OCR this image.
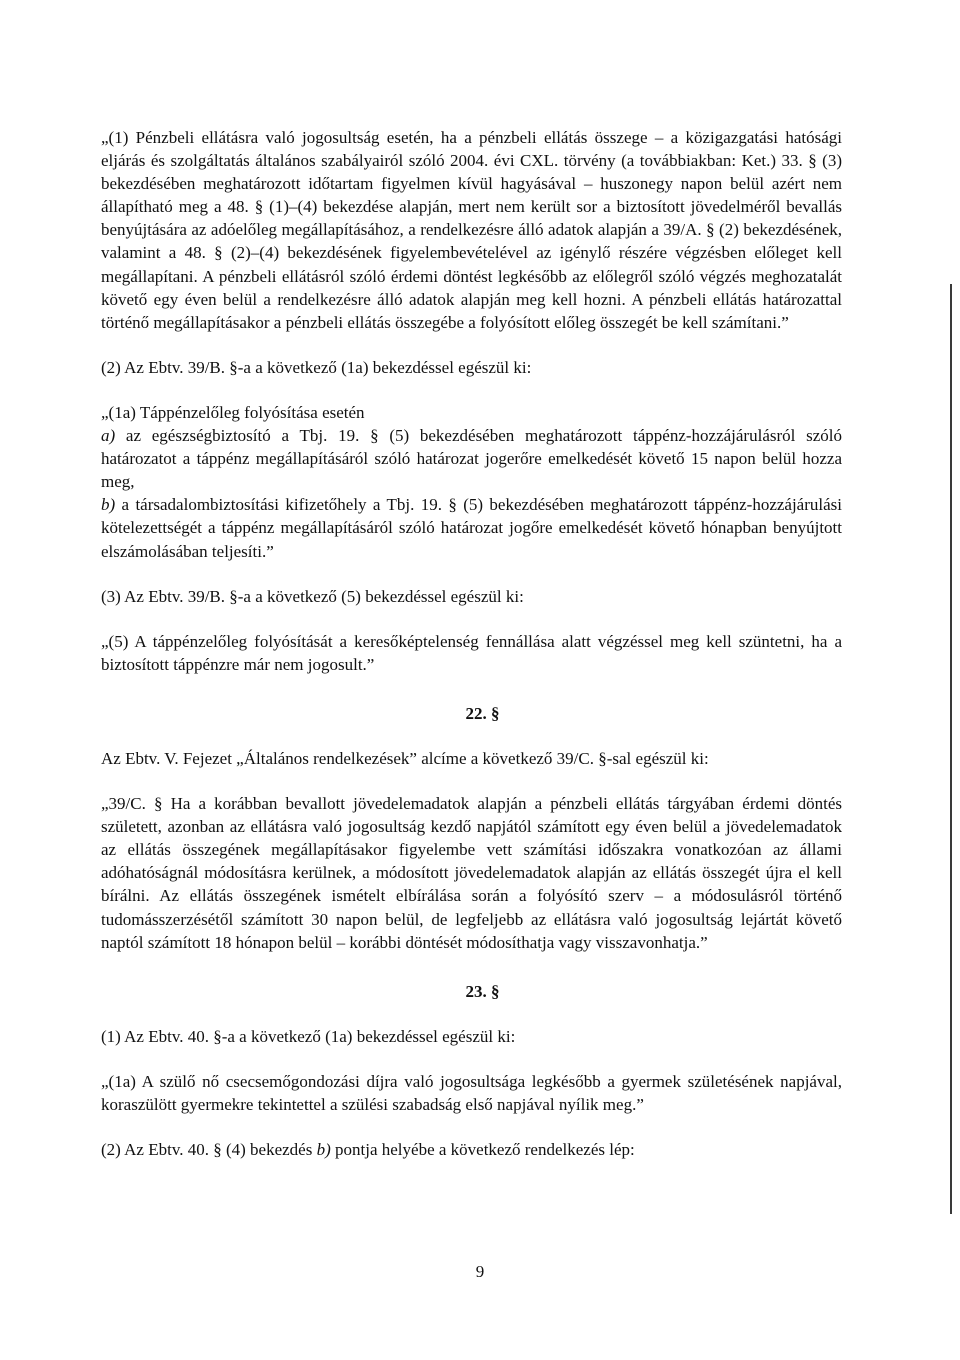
„(1) Pénzbeli ellátásra való jogosultság esetén, ha a pénzbeli ellátás összege – a közigazgatási hatósági eljárás és szolgáltatás általános szabályairól szóló 2004. évi CXL. törvény (a továbbiakban: Ket.) 33. § (3) bekezdésében meghatározott időtartam figyelmen kívül hagyásával – huszonegy napon belül azért nem állapítható meg a 48. § (1)–(4) bekezdése alapján, mert nem került sor a biztosított jövedelméről bevallás benyújtására az adóelőleg megállapításához, a rendelkezésre álló adatok alapján a 39/A. § (2) bekezdésének, valamint a 48. § (2)–(4) bekezdésének figyelembevételével az igénylő részére végzésben előleget kell megállapítani. A pénzbeli ellátásról szóló érdemi döntést legkésőbb az előlegről szóló végzés meghozatalát követő egy éven belül a rendelkezésre álló adatok alapján meg kell hozni. A pénzbeli ellátás határozattal történő megállapításakor a pénzbeli ellátás összegébe a folyósított előleg összegét be kell számítani.”

(2) Az Ebtv. 39/B. §-a a következő (1a) bekezdéssel egészül ki:

„(1a) Táppénzelőleg folyósítása esetén

a) az egészségbiztosító a Tbj. 19. § (5) bekezdésében meghatározott táppénz-hozzájárulásról szóló határozatot a táppénz megállapításáról szóló határozat jogerőre emelkedését követő 15 napon belül hozza meg,

b) a társadalombiztosítási kifizetőhely a Tbj. 19. § (5) bekezdésében meghatározott táppénz-hozzájárulási kötelezettségét a táppénz megállapításáról szóló határozat jogőre emelkedését követő hónapban benyújtott elszámolásában teljesíti.”

(3) Az Ebtv. 39/B. §-a a következő (5) bekezdéssel egészül ki:

„(5) A táppénzelőleg folyósítását a keresőképtelenség fennállása alatt végzéssel meg kell szüntetni, ha a biztosított táppénzre már nem jogosult.”

22. §

Az Ebtv. V. Fejezet „Általános rendelkezések” alcíme a következő 39/C. §-sal egészül ki:

„39/C. § Ha a korábban bevallott jövedelemadatok alapján a pénzbeli ellátás tárgyában érdemi döntés született, azonban az ellátásra való jogosultság kezdő napjától számított egy éven belül a jövedelemadatok az ellátás összegének megállapításakor figyelembe vett számítási időszakra vonatkozóan az állami adóhatóságnál módosításra kerülnek, a módosított jövedelemadatok alapján az ellátás összegét újra el kell bírálni. Az ellátás összegének ismételt elbírálása során a folyósító szerv – a módosulásról történő tudomásszerzésétől számított 30 napon belül, de legfeljebb az ellátásra való jogosultság lejártát követő naptól számított 18 hónapon belül – korábbi döntését módosíthatja vagy visszavonhatja.”

23. §

(1) Az Ebtv. 40. §-a a következő (1a) bekezdéssel egészül ki:

„(1a) A szülő nő csecsemőgondozási díjra való jogosultsága legkésőbb a gyermek születésének napjával, koraszülött gyermekre tekintettel a szülési szabadság első napjával nyílik meg.”

(2) Az Ebtv. 40. § (4) bekezdés b) pontja helyébe a következő rendelkezés lép:

9
